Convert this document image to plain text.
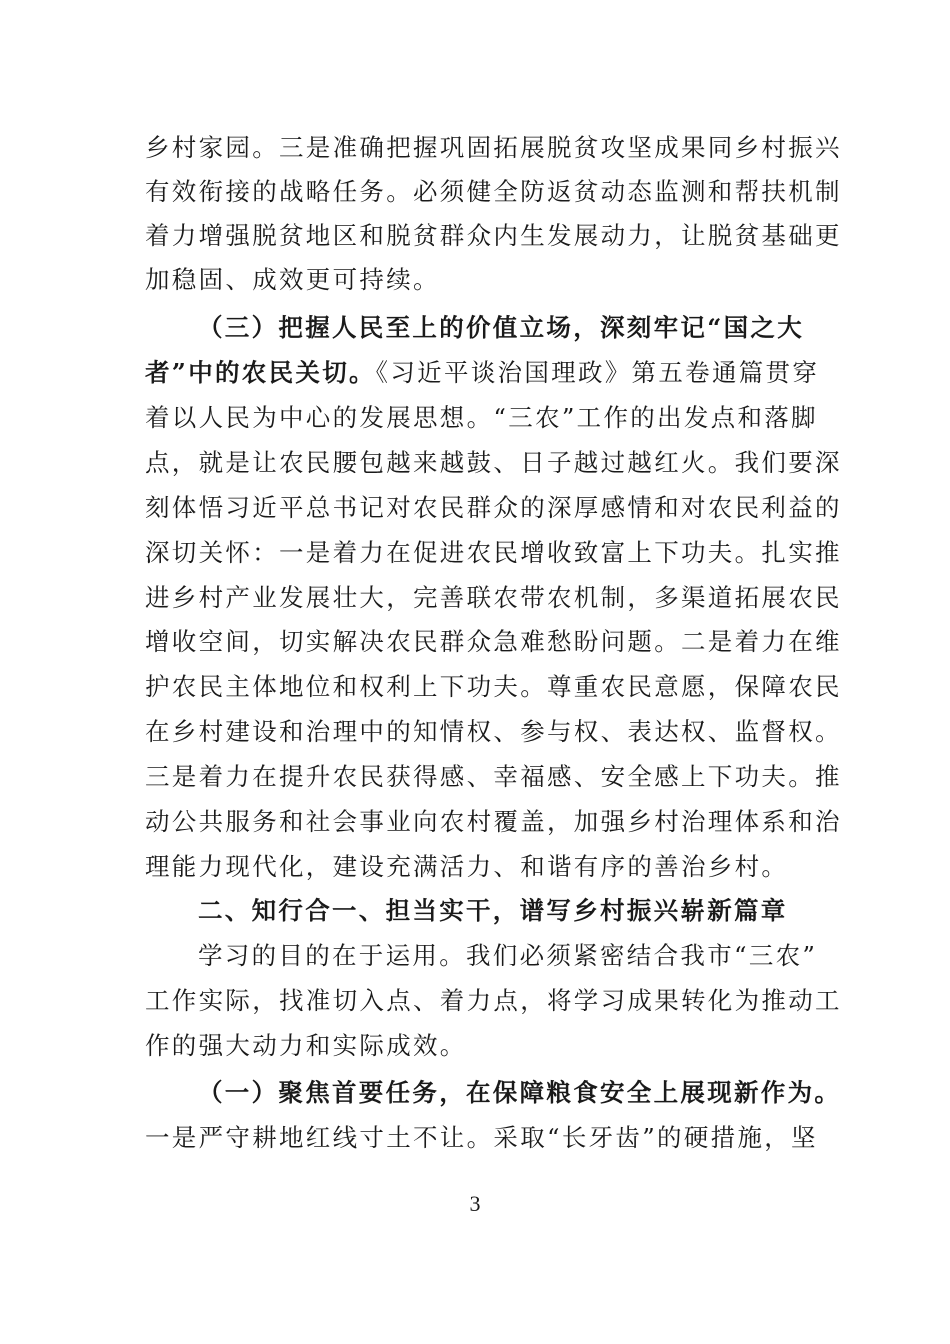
乡村家园。三是准确把握巩固拓展脱贫攻坚成果同乡村振兴
有效衔接的战略任务。必须健全防返贫动态监测和帮扶机制
着力增强脱贫地区和脱贫群众内生发展动力，让脱贫基础更
加稳固、成效更可持续。
（三）把握人民至上的价值立场，深刻牢记“国之大
者”中的农民关切。《习近平谈治国理政》第五卷通篇贯穿
着以人民为中心的发展思想。“三农”工作的出发点和落脚
点，就是让农民腰包越来越鼓、日子越过越红火。我们要深
刻体悟习近平总书记对农民群众的深厚感情和对农民利益的
深切关怀：一是着力在促进农民增收致富上下功夫。扎实推
进乡村产业发展壮大，完善联农带农机制，多渠道拓展农民
增收空间，切实解决农民群众急难愁盼问题。二是着力在维
护农民主体地位和权利上下功夫。尊重农民意愿，保障农民
在乡村建设和治理中的知情权、参与权、表达权、监督权。
三是着力在提升农民获得感、幸福感、安全感上下功夫。推
动公共服务和社会事业向农村覆盖，加强乡村治理体系和治
理能力现代化，建设充满活力、和谐有序的善治乡村。
二、知行合一、担当实干，谱写乡村振兴崭新篇章
学习的目的在于运用。我们必须紧密结合我市“三农”
工作实际，找准切入点、着力点，将学习成果转化为推动工
作的强大动力和实际成效。
（一）聚焦首要任务，在保障粮食安全上展现新作为。
一是严守耕地红线寸土不让。采取“长牙齿”的硬措施，坚
3
